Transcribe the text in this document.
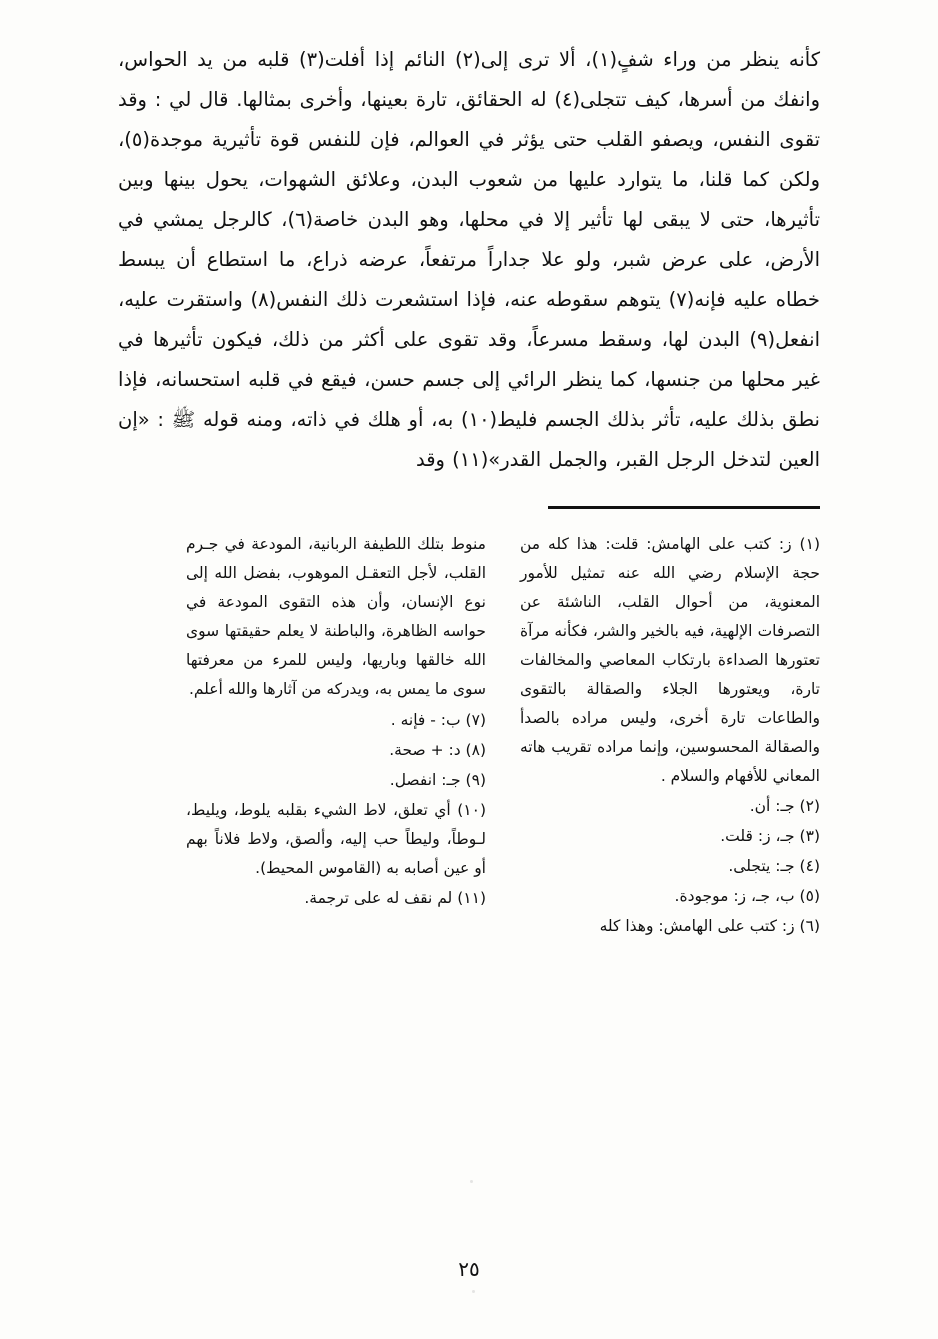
كأنه ينظر من وراء شفٍ(١)، ألا ترى إلى(٢) النائم إذا أفلت(٣) قلبه من يد الحواس، وانفك من أسرها، كيف تتجلى(٤) له الحقائق، تارة بعينها، وأخرى بمثالها. قال لي : وقد تقوى النفس، ويصفو القلب حتى يؤثر في العوالم، فإن للنفس قوة تأثيرية موجدة(٥)، ولكن كما قلنا، ما يتوارد عليها من شعوب البدن، وعلائق الشهوات، يحول بينها وبين تأثيرها، حتى لا يبقى لها تأثير إلا في محلها، وهو البدن خاصة(٦)، كالرجل يمشي في الأرض، على عرض شبر، ولو علا جداراً مرتفعاً، عرضه ذراع، ما استطاع أن يبسط خطاه عليه فإنه(٧) يتوهم سقوطه عنه، فإذا استشعرت ذلك النفس(٨) واستقرت عليه، انفعل(٩) البدن لها، وسقط مسرعاً، وقد تقوى على أكثر من ذلك، فيكون تأثيرها في غير محلها من جنسها، كما ينظر الرائي إلى جسم حسن، فيقع في قلبه استحسانه، فإذا نطق بذلك عليه، تأثر بذلك الجسم فليط(١٠) به، أو هلك في ذاته، ومنه قوله ﷺ : «إن العين لتدخل الرجل القبر، والجمل القدر»(١١) وقد

(١) ز: كتب على الهامش: قلت: هذا كله من حجة الإسلام رضي الله عنه تمثيل للأمور المعنوية، من أحوال القلب، الناشئة عن التصرفات الإلهية، فيه بالخير والشر، فكأنه مرآة تعتورها الصداءة بارتكاب المعاصي والمخالفات تارة، ويعتورها الجلاء والصقالة بالتقوى والطاعات تارة أخرى، وليس مراده بالصدأ والصقالة المحسوسين، وإنما مراده تقريب هاته المعاني للأفهام والسلام .

(٢) جـ: أن.

(٣) جـ، ز: قلت.

(٤) جـ: يتجلى.

(٥) ب، جـ، ز: موجودة.

(٦) ز: كتب على الهامش: وهذا كله

منوط بتلك اللطيفة الربانية، المودعة في جـرم القلب، لأجل التعقـل الموهوب، بفضل الله إلى نوع الإنسان، وأن هذه التقوى المودعة في حواسه الظاهرة، والباطنة لا يعلم حقيقتها سوى الله خالقها وباريها، وليس للمرء من معرفتها سوى ما يمس به، ويدركه من آثارها والله أعلم.

(٧) ب: - فإنه .

(٨) د: + صحة.

(٩) جـ: انفصل.

(١٠) أي تعلق، لاط الشيء بقلبه يلوط، ويليط، لـوطاً، وليطاً حب إليه، وألصق، ولاط فلاناً بهم أو عين أصابه به (القاموس المحيط).

(١١) لم نقف له على ترجمة.

٢٥
